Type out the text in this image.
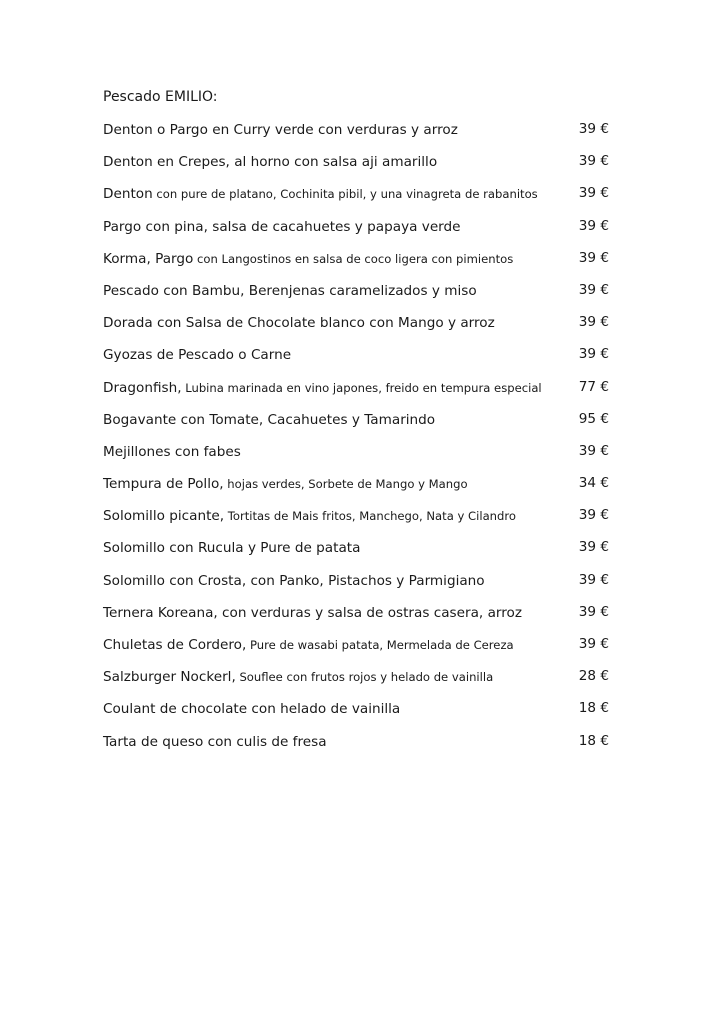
Pescado EMILIO:
Denton o Pargo en Curry verde con verduras y arroz	39 €
Denton en Crepes, al horno con salsa aji amarillo	39 €
Denton con pure de platano, Cochinita pibil, y una vinagreta de rabanitos	39 €
Pargo con pina, salsa de cacahuetes y papaya verde	39 €
Korma, Pargo con Langostinos en salsa de coco ligera con pimientos	39 €
Pescado con Bambu, Berenjenas caramelizados y miso	39 €
Dorada con Salsa de Chocolate blanco con Mango y arroz	39 €
Gyozas de Pescado o Carne	39 €
Dragonfish, Lubina marinada en vino japones, freido en tempura especial	77 €
Bogavante con Tomate, Cacahuetes y Tamarindo	95 €
Mejillones con fabes	39 €
Tempura de Pollo, hojas verdes, Sorbete de Mango y Mango	34 €
Solomillo picante, Tortitas de Mais fritos, Manchego, Nata y Cilandro	39 €
Solomillo con Rucula y Pure de patata	39 €
Solomillo con Crosta, con Panko, Pistachos y Parmigiano	39 €
Ternera Koreana, con verduras y salsa de ostras casera, arroz	39 €
Chuletas de Cordero, Pure de wasabi patata, Mermelada de Cereza	39 €
Salzburger Nockerl, Souflee con frutos rojos y helado de vainilla	28 €
Coulant de chocolate con helado de vainilla	18 €
Tarta de queso con culis de fresa	18 €
